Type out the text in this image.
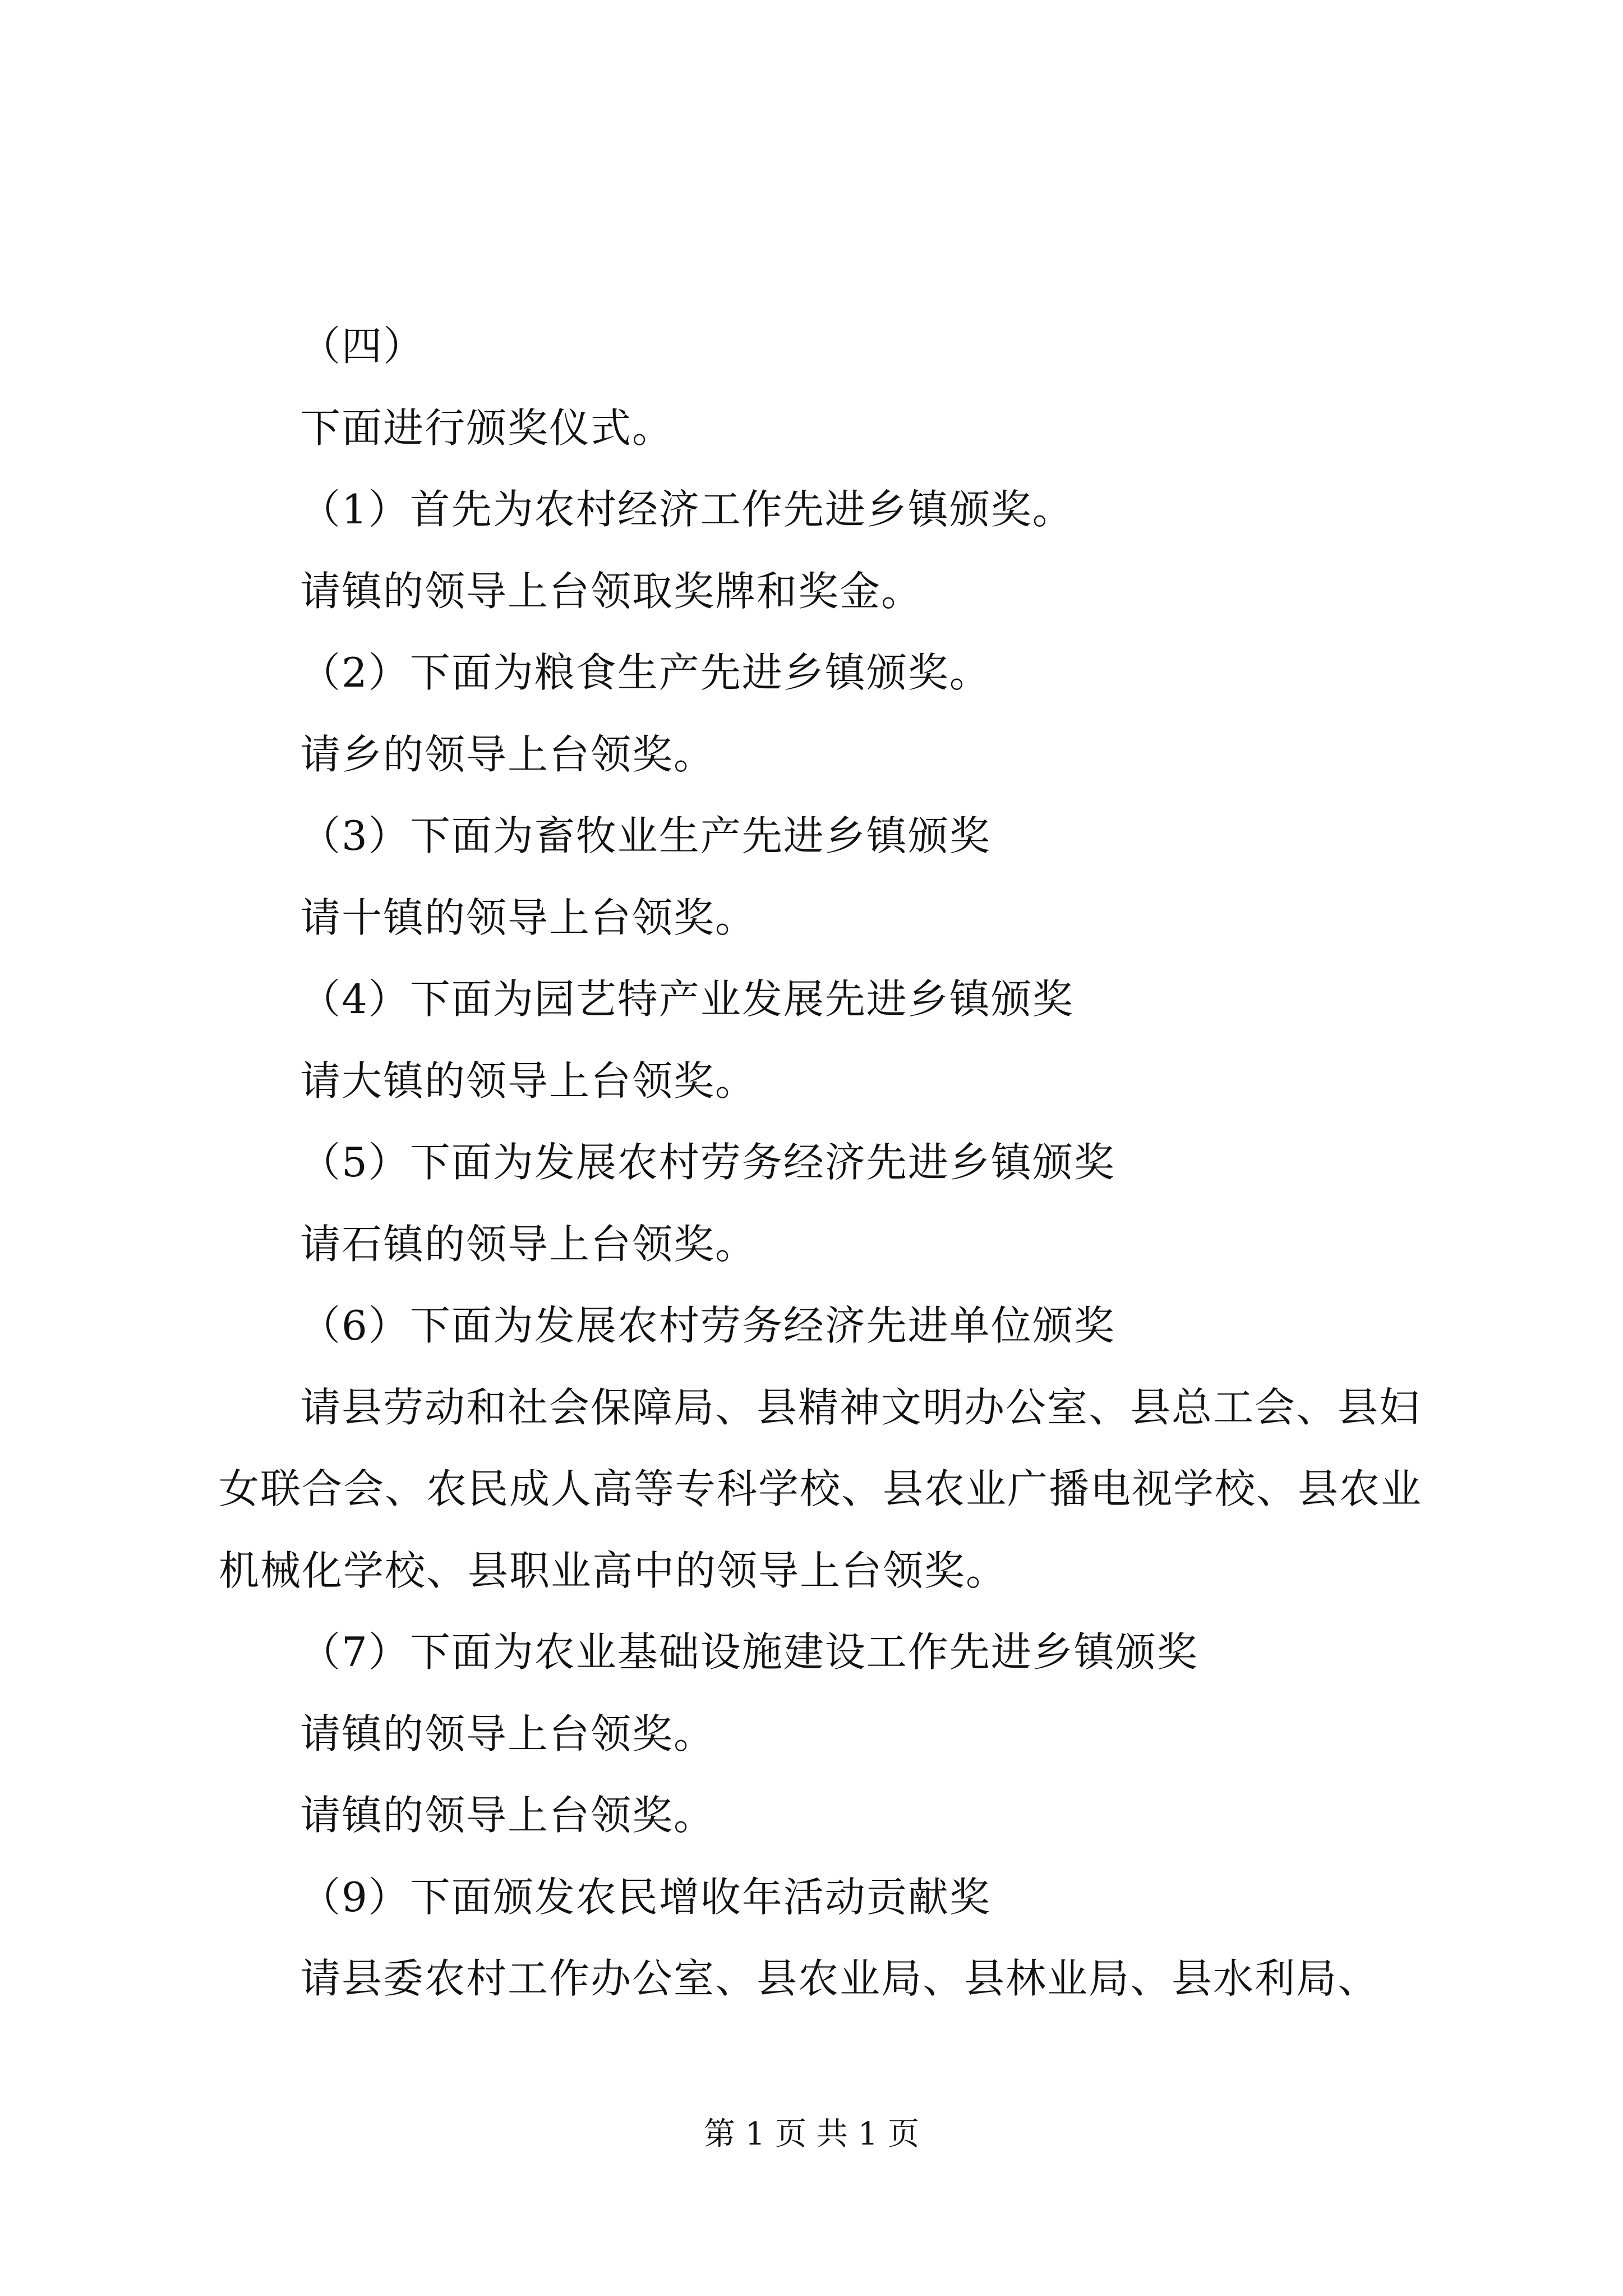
（四）

下面进行颁奖仪式。

（1）首先为农村经济工作先进乡镇颁奖。

请镇的领导上台领取奖牌和奖金。

（2）下面为粮食生产先进乡镇颁奖。

请乡的领导上台领奖。

（3）下面为畜牧业生产先进乡镇颁奖

请十镇的领导上台领奖。

（4）下面为园艺特产业发展先进乡镇颁奖

请大镇的领导上台领奖。

（5）下面为发展农村劳务经济先进乡镇颁奖

请石镇的领导上台领奖。

（6）下面为发展农村劳务经济先进单位颁奖

请县劳动和社会保障局、县精神文明办公室、县总工会、县妇女联合会、农民成人高等专科学校、县农业广播电视学校、县农业机械化学校、县职业高中的领导上台领奖。

（7）下面为农业基础设施建设工作先进乡镇颁奖

请镇的领导上台领奖。

请镇的领导上台领奖。

（9）下面颁发农民增收年活动贡献奖

请县委农村工作办公室、县农业局、县林业局、县水利局、

第 1 页 共 1 页
